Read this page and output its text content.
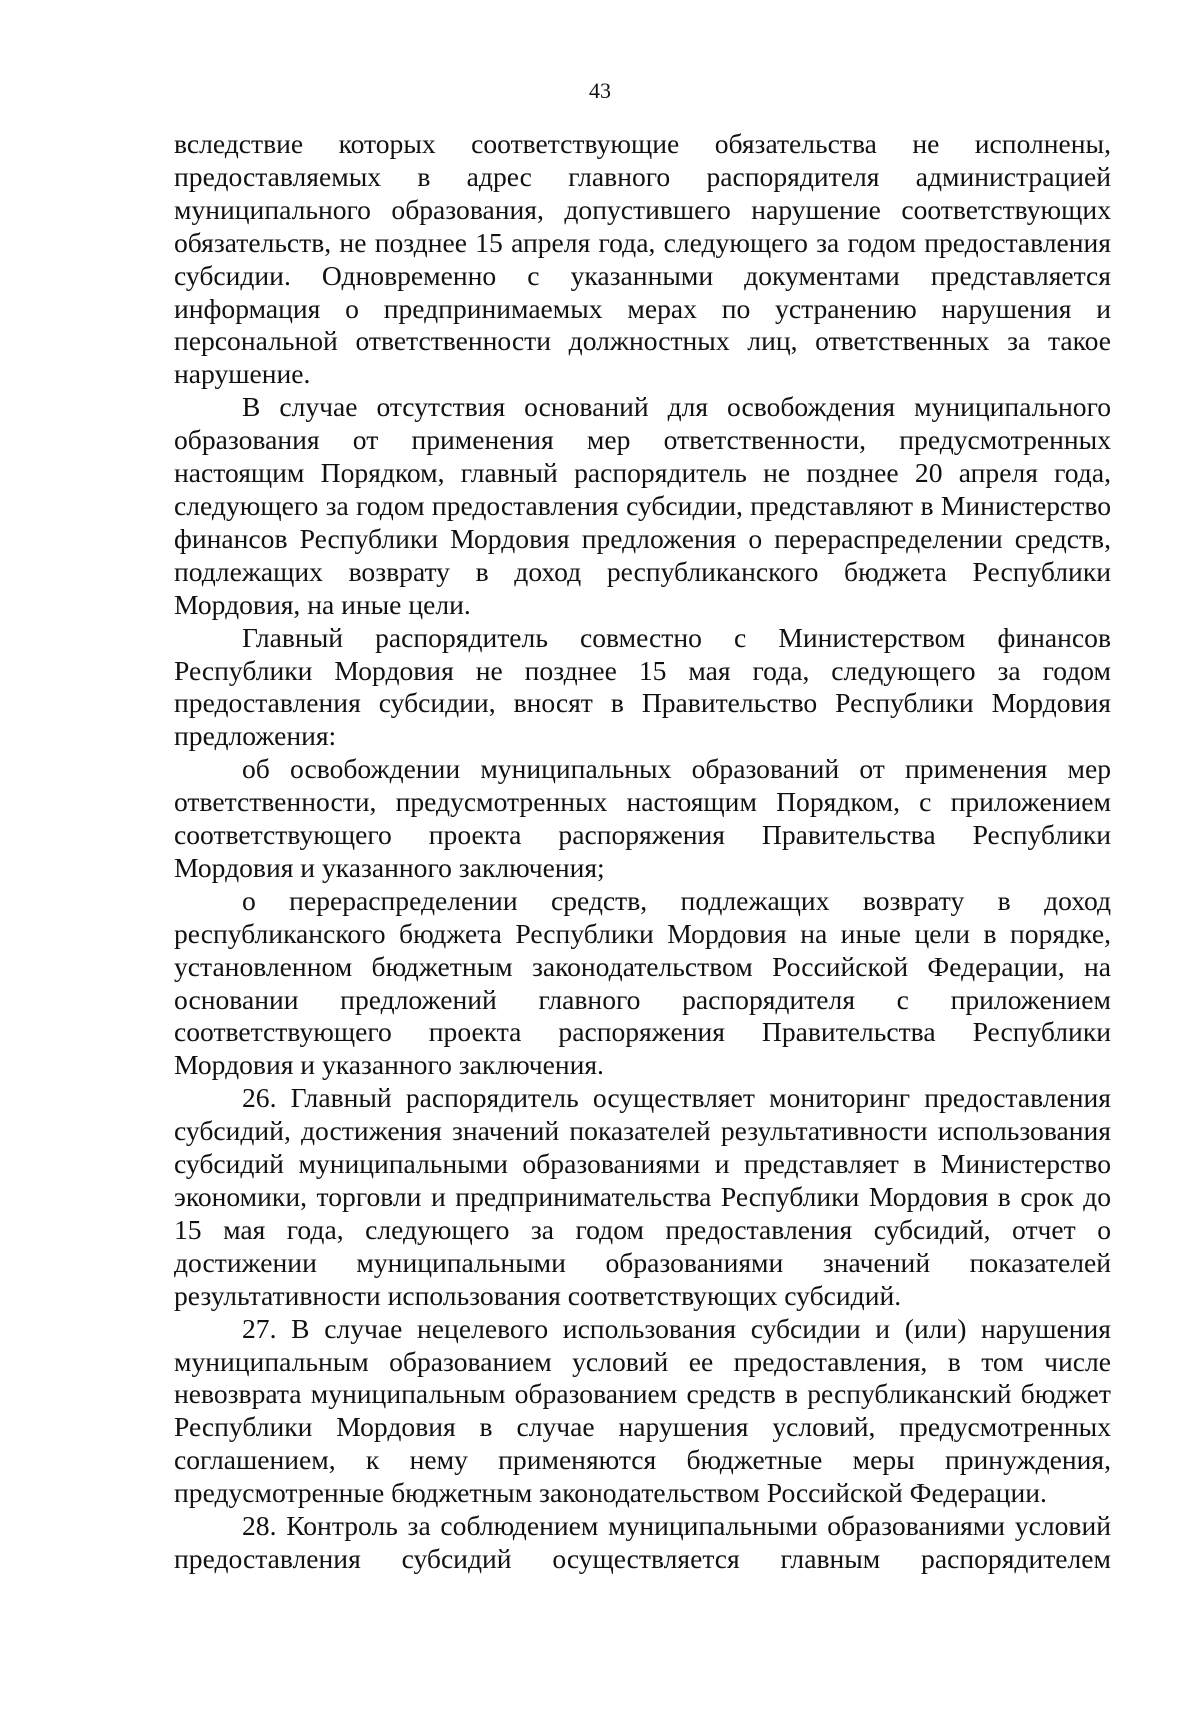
43

вследствие которых соответствующие обязательства не исполнены, предоставляемых в адрес главного распорядителя администрацией муниципального образования, допустившего нарушение соответствующих обязательств, не позднее 15 апреля года, следующего за годом предоставления субсидии. Одновременно с указанными документами представляется информация о предпринимаемых мерах по устранению нарушения и персональной ответственности должностных лиц, ответственных за такое нарушение.

В случае отсутствия оснований для освобождения муниципального образования от применения мер ответственности, предусмотренных настоящим Порядком, главный распорядитель не позднее 20 апреля года, следующего за годом предоставления субсидии, представляют в Министерство финансов Республики Мордовия предложения о перераспределении средств, подлежащих возврату в доход республиканского бюджета Республики Мордовия, на иные цели.

Главный распорядитель совместно с Министерством финансов Республики Мордовия не позднее 15 мая года, следующего за годом предоставления субсидии, вносят в Правительство Республики Мордовия предложения:

об освобождении муниципальных образований от применения мер ответственности, предусмотренных настоящим Порядком, с приложением соответствующего проекта распоряжения Правительства Республики Мордовия и указанного заключения;

о перераспределении средств, подлежащих возврату в доход республиканского бюджета Республики Мордовия на иные цели в порядке, установленном бюджетным законодательством Российской Федерации, на основании предложений главного распорядителя с приложением соответствующего проекта распоряжения Правительства Республики Мордовия и указанного заключения.

26. Главный распорядитель осуществляет мониторинг предоставления субсидий, достижения значений показателей результативности использования субсидий муниципальными образованиями и представляет в Министерство экономики, торговли и предпринимательства Республики Мордовия в срок до 15 мая года, следующего за годом предоставления субсидий, отчет о достижении муниципальными образованиями значений показателей результативности использования соответствующих субсидий.

27. В случае нецелевого использования субсидии и (или) нарушения муниципальным образованием условий ее предоставления, в том числе невозврата муниципальным образованием средств в республиканский бюджет Республики Мордовия в случае нарушения условий, предусмотренных соглашением, к нему применяются бюджетные меры принуждения, предусмотренные бюджетным законодательством Российской Федерации.

28. Контроль за соблюдением муниципальными образованиями условий предоставления субсидий осуществляется главным распорядителем
